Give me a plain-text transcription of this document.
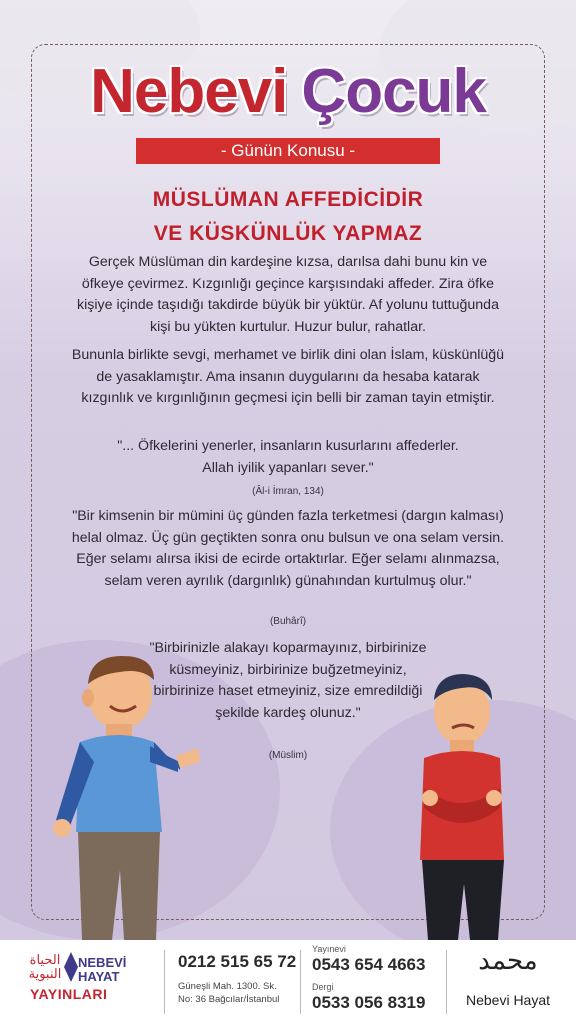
Nebevi Çocuk
- Günün Konusu -
MÜSLÜMAN AFFEDİCİDİR
VE KÜSKÜNLÜK YAPMAZ

Gerçek Müslüman din kardeşine kızsa, darılsa dahi bunu kin ve öfkeye çevirmez. Kızgınlığı geçince karşısındaki affeder. Zira öfke kişiye içinde taşıdığı takdirde büyük bir yüktür. Af yolunu tuttuğunda kişi bu yükten kurtulur. Huzur bulur, rahatlar.

Bununla birlikte sevgi, merhamet ve birlik dini olan İslam, küskünlüğü de yasaklamıştır. Ama insanın duygularını da hesaba katarak kızgınlık ve kırgınlığının geçmesi için belli bir zaman tayin etmiştir.

"... Öfkelerini yenerler, insanların kusurlarını affederler. Allah iyilik yapanları sever."

(Âl-i İmran, 134)

"Bir kimsenin bir mümini üç günden fazla terketmesi (dargın kalması) helal olmaz. Üç gün geçtikten sonra onu bulsun ve ona selam versin. Eğer selamı alırsa ikisi de ecirde ortaktırlar. Eğer selamı alınmazsa, selam veren ayrılık (dargınlık) günahından kurtulmuş olur."

(Buhârî)

"Birbirinizle alakayı koparmayınız, birbirinize küsmeyiniz, birbirinize buğzetmeyiniz, birbirinize haset etmeyiniz, size emredildiği şekilde kardeş olunuz."

(Müslim)
الحياة
النبوية
NEBEVİ
HAYAT
YAYINLARI
0212 515 65 72
Güneşli Mah. 1300. Sk.
No: 36 Bağcılar/İstanbul
Yayınevi
0543 654 4663
Dergi
0533 056 8319
محمد
Nebevi Hayat
